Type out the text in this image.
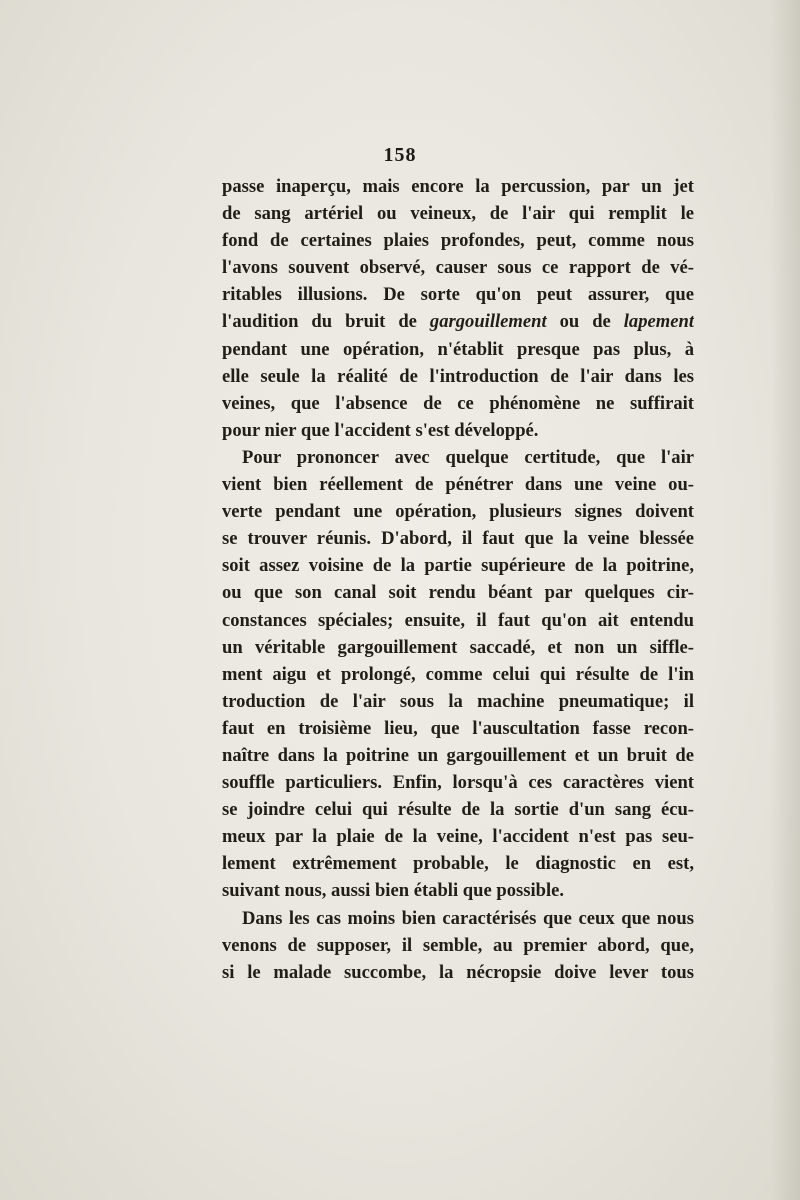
158
passe inaperçu, mais encore la percussion, par un jet
de sang artériel ou veineux, de l'air qui remplit le
fond de certaines plaies profondes, peut, comme nous
l'avons souvent observé, causer sous ce rapport de vé-
ritables illusions. De sorte qu'on peut assurer, que
l'audition du bruit de gargouillement ou de lapement
pendant une opération, n'établit presque pas plus, à
elle seule la réalité de l'introduction de l'air dans les
veines, que l'absence de ce phénomène ne suffirait
pour nier que l'accident s'est développé.
Pour prononcer avec quelque certitude, que l'air
vient bien réellement de pénétrer dans une veine ou-
verte pendant une opération, plusieurs signes doivent
se trouver réunis. D'abord, il faut que la veine blessée
soit assez voisine de la partie supérieure de la poitrine,
ou que son canal soit rendu béant par quelques cir-
constances spéciales; ensuite, il faut qu'on ait entendu
un véritable gargouillement saccadé, et non un siffle-
ment aigu et prolongé, comme celui qui résulte de l'in
troduction de l'air sous la machine pneumatique; il
faut en troisième lieu, que l'auscultation fasse recon-
naître dans la poitrine un gargouillement et un bruit de
souffle particuliers. Enfin, lorsqu'à ces caractères vient
se joindre celui qui résulte de la sortie d'un sang écu-
meux par la plaie de la veine, l'accident n'est pas seu-
lement extrêmement probable, le diagnostic en est,
suivant nous, aussi bien établi que possible.
Dans les cas moins bien caractérisés que ceux que nous
venons de supposer, il semble, au premier abord, que,
si le malade succombe, la nécropsie doive lever tous
